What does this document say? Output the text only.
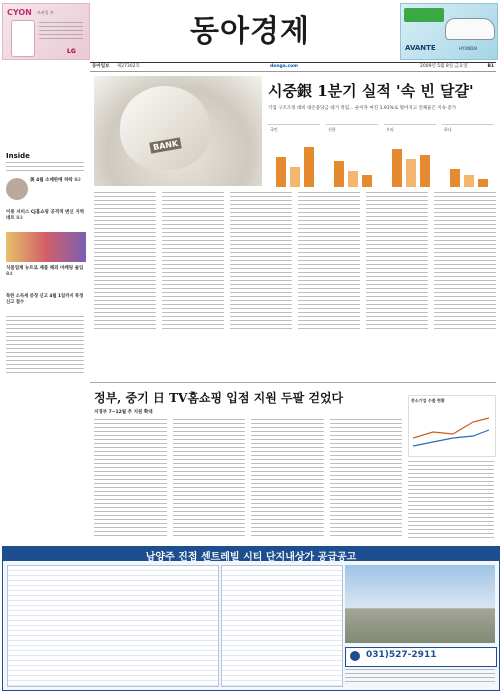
CYON 모바일 폰
LG
동아경제	AVANTE	HYUNDAI
동아일보 제27302호	donga.com	2009년 5월 8일 금요일	B1
Inside
美 4월 소매판매 하락 B2
이통 서비스 CJ홈쇼핑 공격적 변신 지역네트 B3
식품업계 뉴트로 제품 해외 마케팅 돌입 B4
북한 소득세 증정 신고 4월 1일까지 특정신고 접수
BANK
시중銀 1분기 실적 '속 빈 달걀'
기업 구조조정 대비 대손충당금 대거 적립… 순이자 마진 1.91%로 떨어지고 연체율은 지속 증가
국민	신한	우리	하나
정부, 중기 日 TV홈쇼핑 입점 지원 두팔 걷었다
지경부 7~12월 추 지원 확대
중소기업 수출 현황
남양주 진접 센트레빌 시티 단지내상가 공급공고
031)527-2911
